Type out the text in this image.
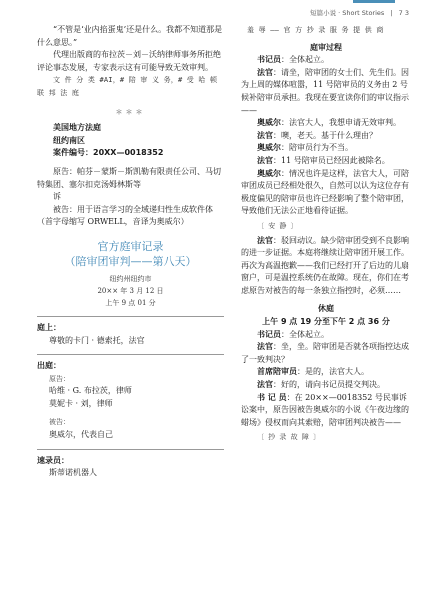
短篇小说 · Short Stories | 7 3

“不管是‘业内掐蛋鬼’还是什么。我都不知道那是什么意思。”

代理出版商的布拉茨－刘－沃纳律师事务所拒绝评论事态发展，专家表示这有可能导致无效审判。

文 件 分 类 #AI，# 陪 审 义 务，# 受 哈 顿 联 邦 法 庭

＊＊＊

美国地方法庭

纽约南区

案件编号：20XX—0018352

原告：帕芬－蒙斯－斯凯勒有限责任公司、马切特集团、塞尔扣克汤姆林斯等

诉

被告：用于语言学习的全域递归性生成软件体（首字母缩写 ORWELL，音译为奥威尔）

官方庭审记录

（陪审团审判——第八天）

纽约州纽约市

20×× 年 3 月 12 日

上午 9 点 01 分

庭上：

尊敬的卡门 · 德索托，法官

出庭：

原告：

哈维 · G. 布拉茨，律师

莫妮卡 · 刘，律师

被告：

奥威尔，代表自己

速录员：

斯蒂诺机器人

羞 辱 —— 官 方 抄 录 服 务 提 供 商

庭审过程

书记员：全体起立。

法官：请坐，陪审团的女士们、先生们。因为上周的媒体喧嚣，11 号陪审员的义务由 2 号候补陪审员承担。我现在要宣读你们的审议指示——

奥威尔：法官大人，我想申请无效审判。

法官：噢，老天。基于什么理由？

奥威尔：陪审员行为不当。

法官：11 号陪审员已经因此被除名。

奥威尔：情况也许是这样，法官大人，可陪审团成员已经相处很久，自然可以认为这位存有极度偏见的陪审员也许已经影响了整个陪审团，导致他们无法公正地看待证据。

〔 安 静 〕

法官：驳回动议。缺少陪审团受到不良影响的进一步证据。本庭将继续让陪审团开展工作。再次为高温抱歉——我们已经打开了后边的儿扇窗户，可是温控系统仍在故障。现在，你们在考虑原告对被告的每一条独立指控时，必须……

休庭

上午 9 点 19 分至下午 2 点 36 分

书记员：全体起立。

法官：坐，坐。陪审团是否就各项指控达成了一致判决？

首席陪审员：是的，法官大人。

法官：好的，请向书记员提交判决。

书 记 员：在 20××—0018352 号民事诉讼案中，原告因被告奥威尔的小说《午夜边缘的蜡场》侵权而向其索赔，陪审团判决被告——

〔 抄 录 故 障 〕
